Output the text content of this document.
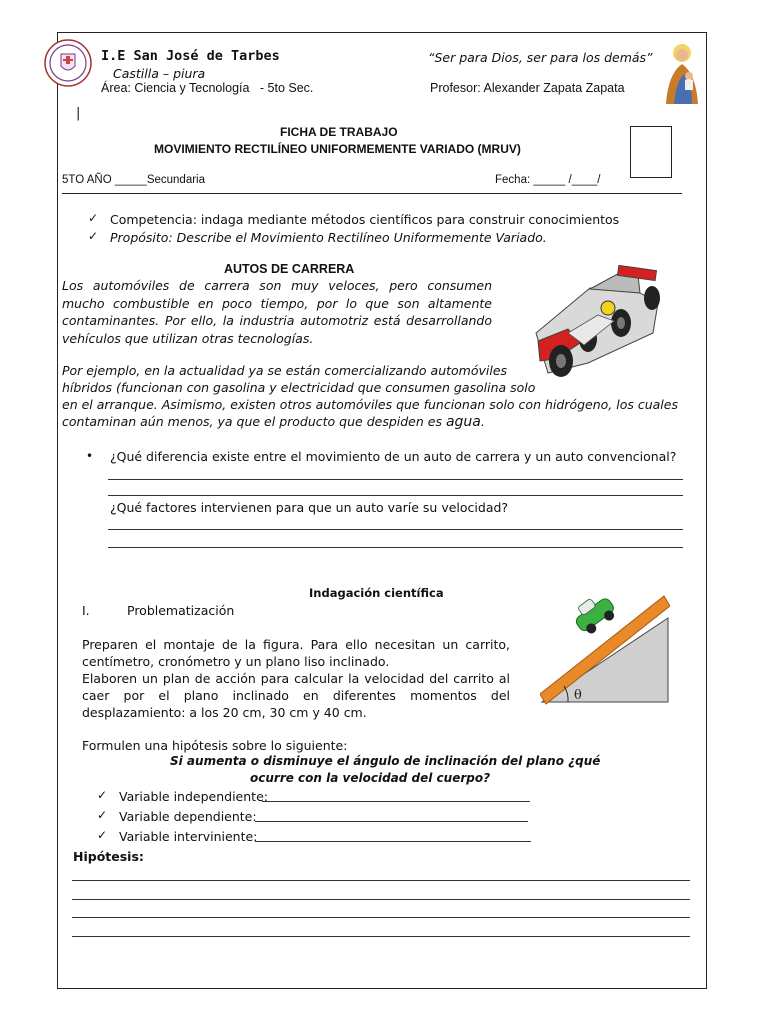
I.E San José de Tarbes
Castilla – piura
Área: Ciencia y Tecnología   - 5to Sec.
“Ser para Dios, ser para los demás”
Profesor: Alexander Zapata Zapata
|
FICHA DE TRABAJO
MOVIMIENTO RECTILÍNEO UNIFORMEMENTE VARIADO (MRUV)
5TO AÑO _____Secundaria	Fecha: _____ /____/
✓ Competencia: indaga mediante métodos científicos para construir conocimientos
✓ Propósito: Describe el Movimiento Rectilíneo Uniformemente Variado.
AUTOS DE CARRERA
Los automóviles de carrera son muy veloces, pero consumen mucho combustible en poco tiempo, por lo que son altamente contaminantes. Por ello, la industria automotriz está desarrollando vehículos que utilizan otras tecnologías.
Por ejemplo, en la actualidad ya se están comercializando automóviles
híbridos (funcionan con gasolina y electricidad que consumen gasolina solo
en el arranque. Asimismo, existen otros automóviles que funcionan solo con hidrógeno, los cuales
contaminan aún menos, ya que el producto que despiden es agua.
• ¿Qué diferencia existe entre el movimiento de un auto de carrera y un auto convencional?
¿Qué factores intervienen para que un auto varíe su velocidad?
Indagación científica
I.	Problematización
Preparen el montaje de la figura. Para ello necesitan un carrito, centímetro, cronómetro y un plano liso inclinado.
Elaboren un plan de acción para calcular la velocidad del carrito al caer por el plano inclinado en diferentes momentos del desplazamiento: a los 20 cm, 30 cm y 40 cm.
θ
Formulen una hipótesis sobre lo siguiente:
Si aumenta o disminuye el ángulo de inclinación del plano ¿qué
ocurre con la velocidad del cuerpo?
✓ Variable independiente:
✓ Variable dependiente:
✓ Variable interviniente:
Hipótesis:
